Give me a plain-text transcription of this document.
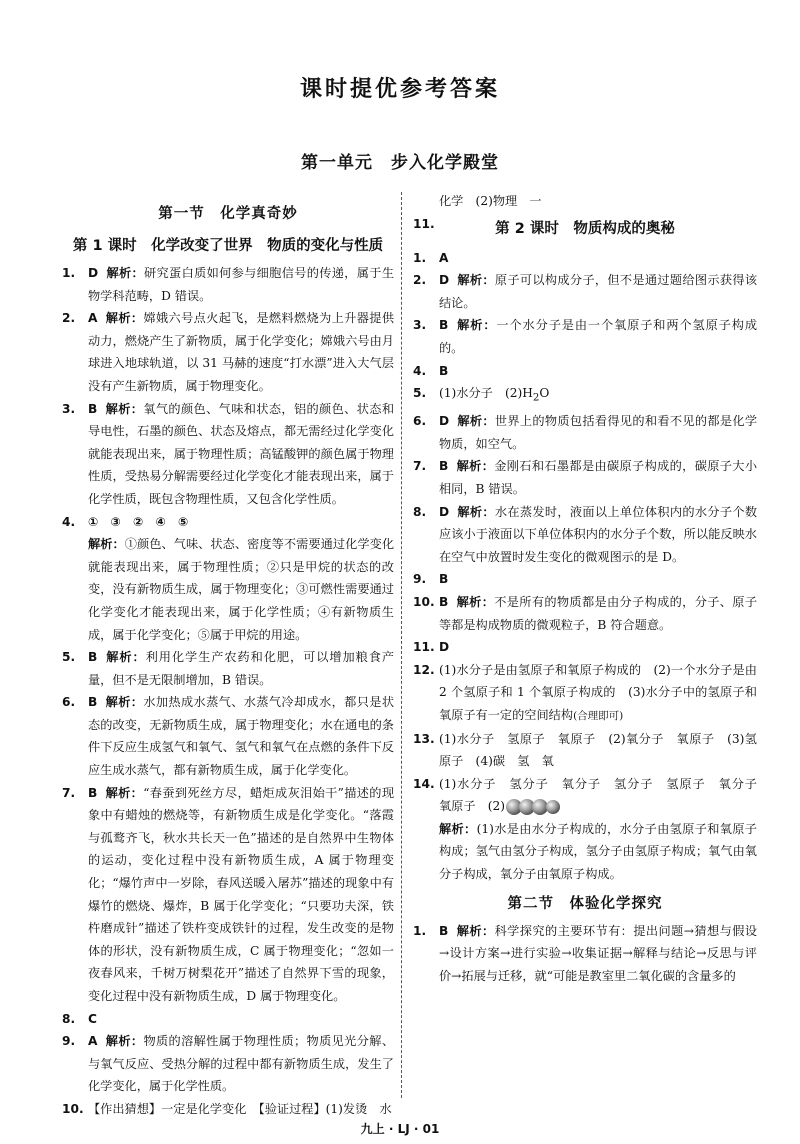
课时提优参考答案
第一单元　步入化学殿堂

第一节　化学真奇妙

第 1 课时　化学改变了世界　物质的变化与性质

1. D 解析：研究蛋白质如何参与细胞信号的传递，属于生物学科范畴，D 错误。

2. A 解析：嫦娥六号点火起飞，是燃料燃烧为上升器提供动力，燃烧产生了新物质，属于化学变化；嫦娥六号由月球进入地球轨道，以 31 马赫的速度“打水漂”进入大气层没有产生新物质，属于物理变化。

3. B 解析：氧气的颜色、气味和状态，铝的颜色、状态和导电性，石墨的颜色、状态及熔点，都无需经过化学变化就能表现出来，属于物理性质；高锰酸钾的颜色属于物理性质，受热易分解需要经过化学变化才能表现出来，属于化学性质，既包含物理性质，又包含化学性质。

4. ①　③　②　④　⑤

解析：①颜色、气味、状态、密度等不需要通过化学变化就能表现出来，属于物理性质；②只是甲烷的状态的改变，没有新物质生成，属于物理变化；③可燃性需要通过化学变化才能表现出来，属于化学性质；④有新物质生成，属于化学变化；⑤属于甲烷的用途。

5. B 解析：利用化学生产农药和化肥，可以增加粮食产量，但不是无限制增加，B 错误。

6. B 解析：水加热成水蒸气、水蒸气冷却成水，都只是状态的改变，无新物质生成，属于物理变化；水在通电的条件下反应生成氢气和氧气、氢气和氧气在点燃的条件下反应生成水蒸气，都有新物质生成，属于化学变化。

7. B 解析：“春蚕到死丝方尽，蜡炬成灰泪始干”描述的现象中有蜡烛的燃烧等，有新物质生成是化学变化。“落霞与孤鹜齐飞，秋水共长天一色”描述的是自然界中生物体的运动，变化过程中没有新物质生成，A 属于物理变化；“爆竹声中一岁除，春风送暖入屠苏”描述的现象中有爆竹的燃烧、爆炸，B 属于化学变化；“只要功夫深，铁杵磨成针”描述了铁杵变成铁针的过程，发生改变的是物体的形状，没有新物质生成，C 属于物理变化；“忽如一夜春风来，千树万树梨花开”描述了自然界下雪的现象，变化过程中没有新物质生成，D 属于物理变化。

8. C

9. A 解析：物质的溶解性属于物理性质；物质见光分解、与氧气反应、受热分解的过程中都有新物质生成，发生了化学变化，属于化学性质。

10. 【作出猜想】一定是化学变化　【验证过程】(1)发烫　水

化学　(2)物理　一

11.	第 2 课时　物质构成的奥秘

1. A

2. D 解析：原子可以构成分子，但不是通过题给图示获得该结论。

3. B 解析：一个水分子是由一个氧原子和两个氢原子构成的。

4. B

5. (1)水分子　$(2)H_2O$

6. D 解析：世界上的物质包括看得见的和看不见的都是化学物质，如空气。

7. B 解析：金刚石和石墨都是由碳原子构成的，碳原子大小相同，B 错误。

8. D 解析：水在蒸发时，液面以上单位体积内的水分子个数应该小于液面以下单位体积内的水分子个数，所以能反映水在空气中放置时发生变化的微观图示的是 D。

9. B

10. B 解析：不是所有的物质都是由分子构成的，分子、原子等都是构成物质的微观粒子，B 符合题意。

11. D

12. (1)水分子是由氢原子和氧原子构成的　(2)一个水分子是由 2 个氢原子和 1 个氧原子构成的　(3)水分子中的氢原子和氧原子有一定的空间结构(合理即可)

13. (1)水分子　氢原子　氧原子　(2)氧分子　氧原子　(3)氢原子　(4)碳　氢　氧

14. (1)水分子　氢分子　氧分子　氢分子　氢原子　氧分子　氧原子　(2)

解析：(1)水是由水分子构成的，水分子由氢原子和氧原子构成；氢气由氢分子构成，氢分子由氢原子构成；氧气由氧分子构成，氧分子由氧原子构成。

第二节　体验化学探究

1. B 解析：科学探究的主要环节有：提出问题→猜想与假设→设计方案→进行实验→收集证据→解释与结论→反思与评价→拓展与迁移，就“可能是教室里二氧化碳的含量多的

九上 · LJ · 01
